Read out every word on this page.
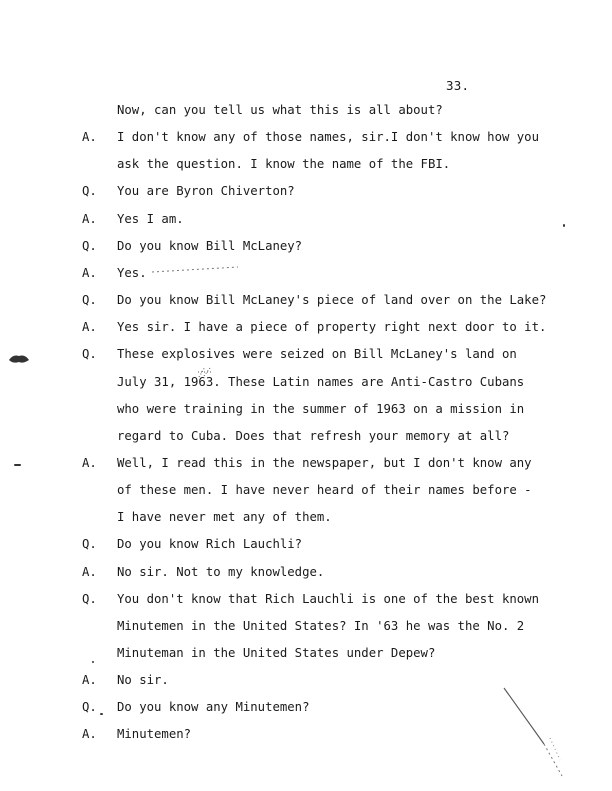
33.
Now, can you tell us what this is all about?
A. I don't know any of those names, sir.I don't know how you
ask the question. I know the name of the FBI.
Q. You are Byron Chiverton?
A. Yes I am.
Q. Do you know Bill McLaney?
A. Yes.
Q. Do you know Bill McLaney's piece of land over on the Lake?
A. Yes sir. I have a piece of property right next door to it.
Q. These explosives were seized on Bill McLaney's land on
July 31, 1963. These Latin names are Anti-Castro Cubans
who were training in the summer of 1963 on a mission in
regard to Cuba. Does that refresh your memory at all?
A. Well, I read this in the newspaper, but I don't know any
of these men. I have never heard of their names before -
I have never met any of them.
Q. Do you know Rich Lauchli?
A. No sir. Not to my knowledge.
Q. You don't know that Rich Lauchli is one of the best known
Minutemen in the United States? In '63 he was the No. 2
Minuteman in the United States under Depew?
A. No sir.
Q. Do you know any Minutemen?
A. Minutemen?
